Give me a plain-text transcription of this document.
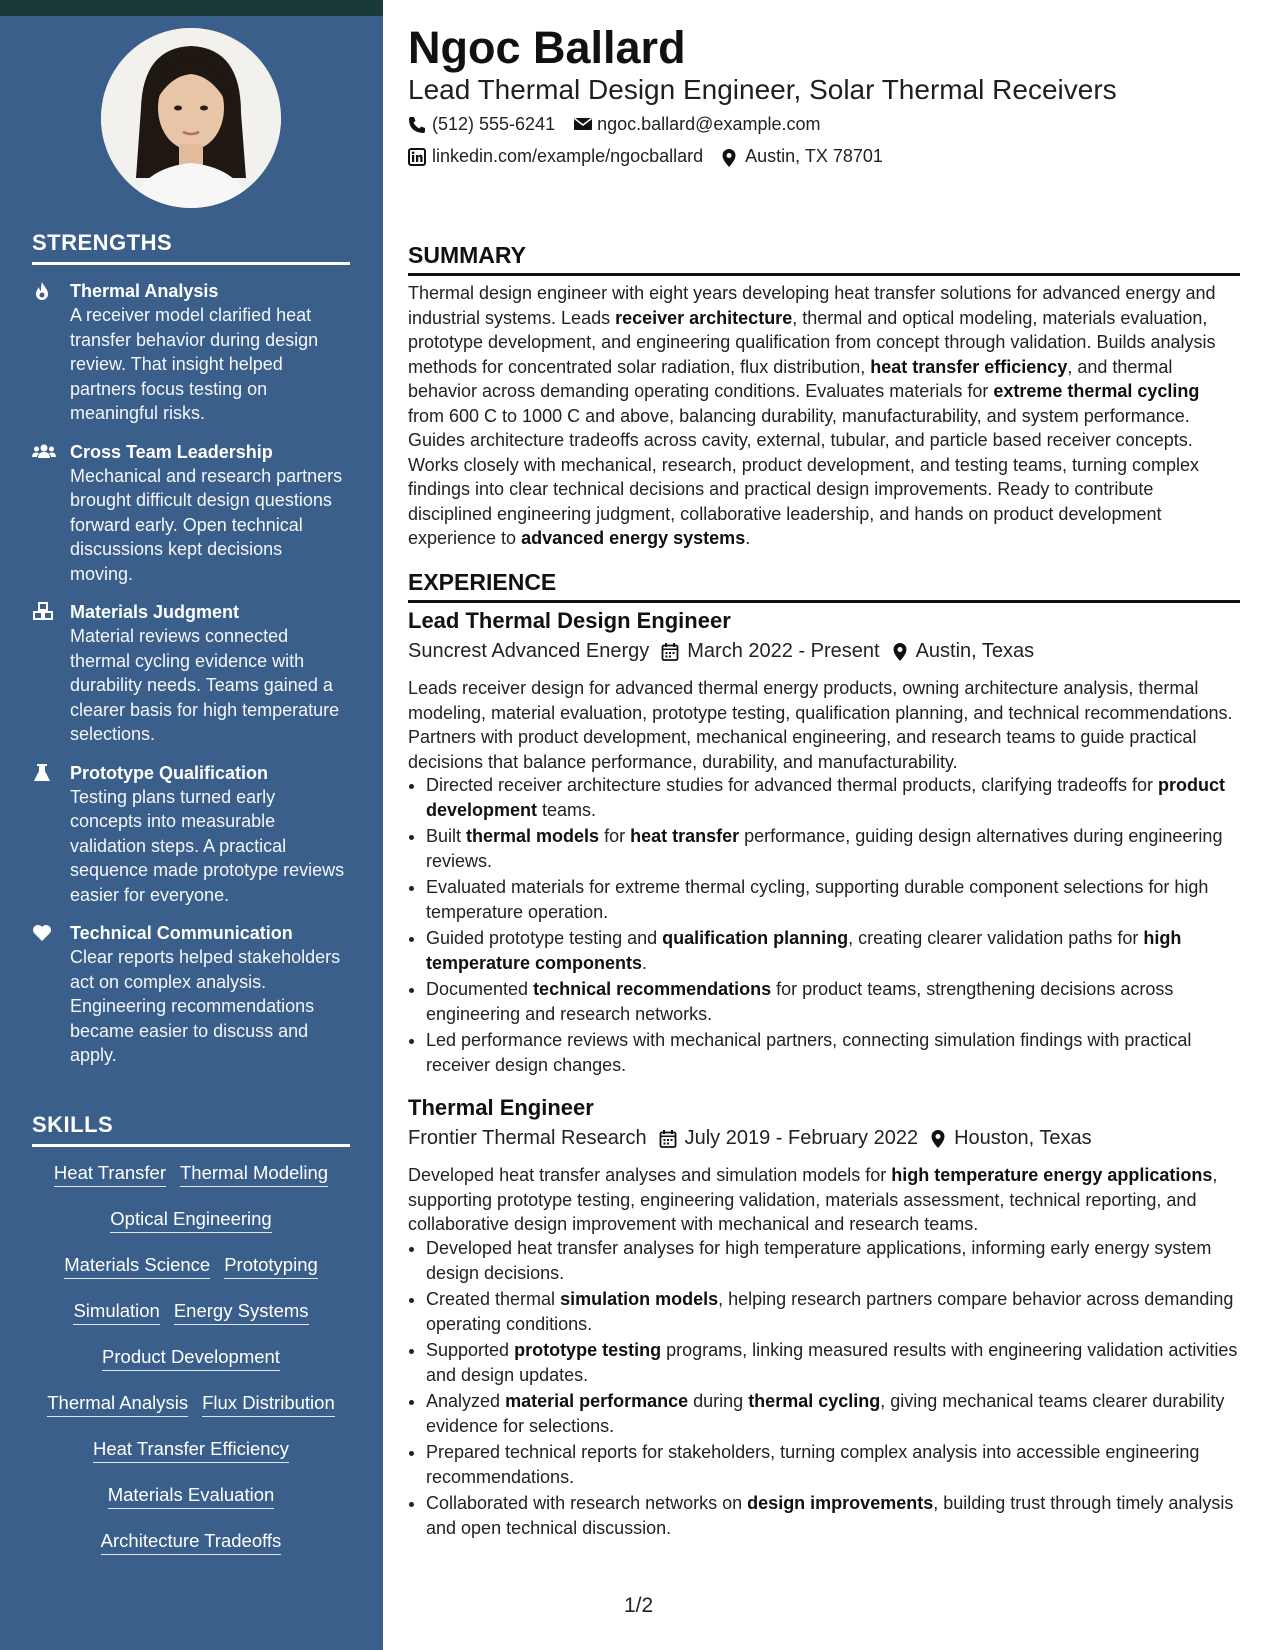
STRENGTHS
Thermal Analysis
A receiver model clarified heat transfer behavior during design review. That insight helped partners focus testing on meaningful risks.
Cross Team Leadership
Mechanical and research partners brought difficult design questions forward early. Open technical discussions kept decisions moving.
Materials Judgment
Material reviews connected thermal cycling evidence with durability needs. Teams gained a clearer basis for high temperature selections.
Prototype Qualification
Testing plans turned early concepts into measurable validation steps. A practical sequence made prototype reviews easier for everyone.
Technical Communication
Clear reports helped stakeholders act on complex analysis. Engineering recommendations became easier to discuss and apply.
SKILLS
Heat Transfer Thermal Modeling
Optical Engineering
Materials Science Prototyping
Simulation Energy Systems
Product Development
Thermal Analysis Flux Distribution
Heat Transfer Efficiency
Materials Evaluation
Architecture Tradeoffs
Ngoc Ballard
Lead Thermal Design Engineer, Solar Thermal Receivers
(512) 555-6241 ngoc.ballard@example.com
linkedin.com/example/ngocballard Austin, TX 78701
SUMMARY
Thermal design engineer with eight years developing heat transfer solutions for advanced energy and industrial systems. Leads receiver architecture, thermal and optical modeling, materials evaluation, prototype development, and engineering qualification from concept through validation. Builds analysis methods for concentrated solar radiation, flux distribution, heat transfer efficiency, and thermal behavior across demanding operating conditions. Evaluates materials for extreme thermal cycling from 600 C to 1000 C and above, balancing durability, manufacturability, and system performance. Guides architecture tradeoffs across cavity, external, tubular, and particle based receiver concepts. Works closely with mechanical, research, product development, and testing teams, turning complex findings into clear technical decisions and practical design improvements. Ready to contribute disciplined engineering judgment, collaborative leadership, and hands on product development experience to advanced energy systems.
EXPERIENCE
Lead Thermal Design Engineer
Suncrest Advanced Energy March 2022 - Present Austin, Texas
Leads receiver design for advanced thermal energy products, owning architecture analysis, thermal modeling, material evaluation, prototype testing, qualification planning, and technical recommendations. Partners with product development, mechanical engineering, and research teams to guide practical decisions that balance performance, durability, and manufacturability.
• Directed receiver architecture studies for advanced thermal products, clarifying tradeoffs for product development teams.
• Built thermal models for heat transfer performance, guiding design alternatives during engineering reviews.
• Evaluated materials for extreme thermal cycling, supporting durable component selections for high temperature operation.
• Guided prototype testing and qualification planning, creating clearer validation paths for high temperature components.
• Documented technical recommendations for product teams, strengthening decisions across engineering and research networks.
• Led performance reviews with mechanical partners, connecting simulation findings with practical receiver design changes.
Thermal Engineer
Frontier Thermal Research July 2019 - February 2022 Houston, Texas
Developed heat transfer analyses and simulation models for high temperature energy applications, supporting prototype testing, engineering validation, materials assessment, technical reporting, and collaborative design improvement with mechanical and research teams.
• Developed heat transfer analyses for high temperature applications, informing early energy system design decisions.
• Created thermal simulation models, helping research partners compare behavior across demanding operating conditions.
• Supported prototype testing programs, linking measured results with engineering validation activities and design updates.
• Analyzed material performance during thermal cycling, giving mechanical teams clearer durability evidence for selections.
• Prepared technical reports for stakeholders, turning complex analysis into accessible engineering recommendations.
• Collaborated with research networks on design improvements, building trust through timely analysis and open technical discussion.
1/2
